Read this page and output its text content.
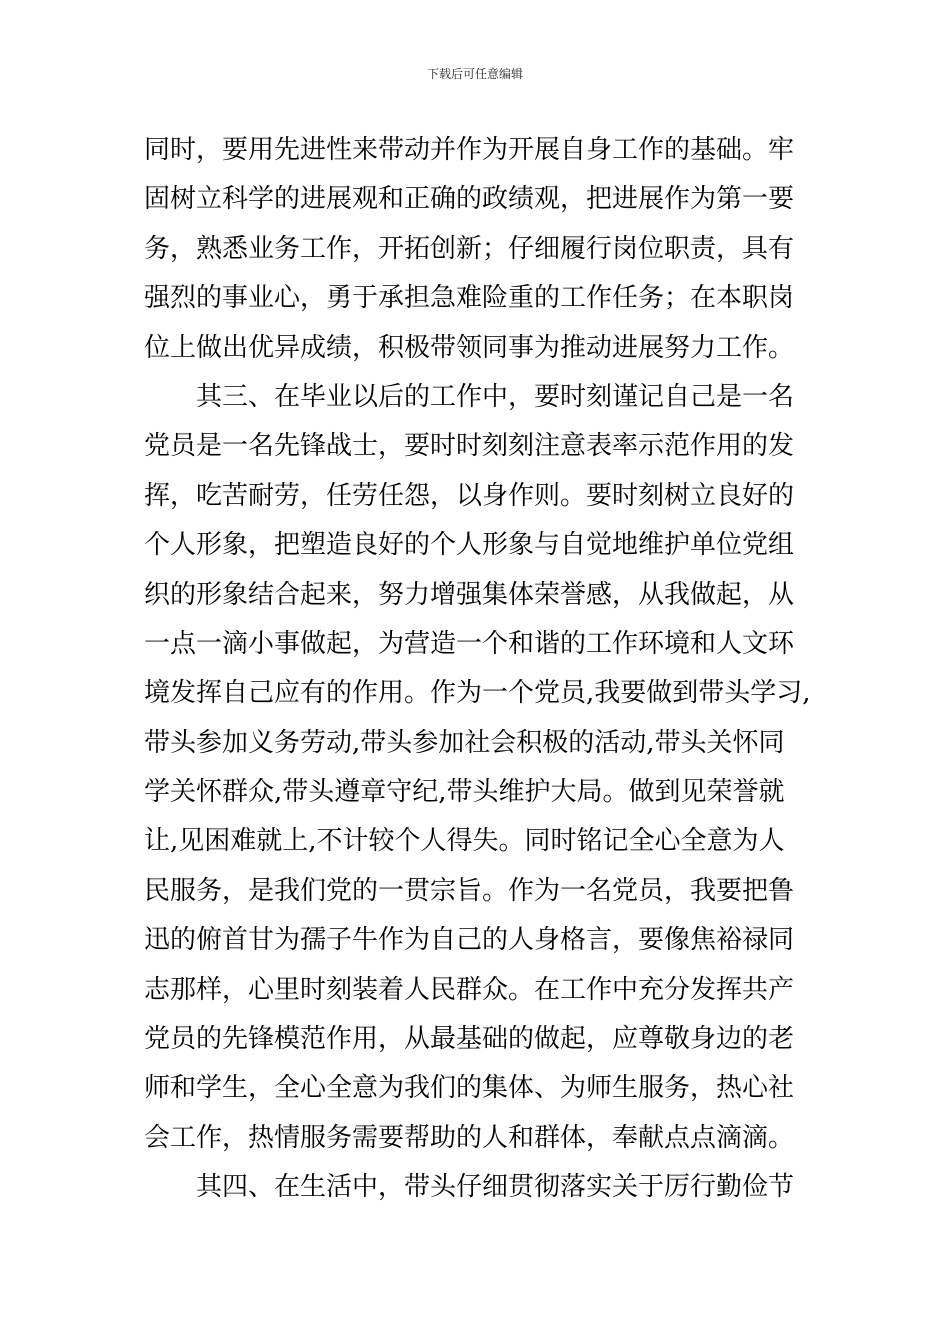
下载后可任意编辑
同时，要用先进性来带动并作为开展自身工作的基础。牢
固树立科学的进展观和正确的政绩观，把进展作为第一要
务，熟悉业务工作，开拓创新；仔细履行岗位职责，具有
强烈的事业心，勇于承担急难险重的工作任务；在本职岗
位上做出优异成绩，积极带领同事为推动进展努力工作。
其三、在毕业以后的工作中，要时刻谨记自己是一名
党员是一名先锋战士，要时时刻刻注意表率示范作用的发
挥，吃苦耐劳，任劳任怨，以身作则。要时刻树立良好的
个人形象，把塑造良好的个人形象与自觉地维护单位党组
织的形象结合起来，努力增强集体荣誉感，从我做起，从
一点一滴小事做起，为营造一个和谐的工作环境和人文环
境发挥自己应有的作用。作为一个党员,我要做到带头学习,
带头参加义务劳动,带头参加社会积极的活动,带头关怀同
学关怀群众,带头遵章守纪,带头维护大局。做到见荣誉就
让,见困难就上,不计较个人得失。同时铭记全心全意为人
民服务，是我们党的一贯宗旨。作为一名党员，我要把鲁
迅的俯首甘为孺子牛作为自己的人身格言，要像焦裕禄同
志那样，心里时刻装着人民群众。在工作中充分发挥共产
党员的先锋模范作用，从最基础的做起，应尊敬身边的老
师和学生，全心全意为我们的集体、为师生服务，热心社
会工作，热情服务需要帮助的人和群体，奉献点点滴滴。
其四、在生活中，带头仔细贯彻落实关于厉行勤俭节
